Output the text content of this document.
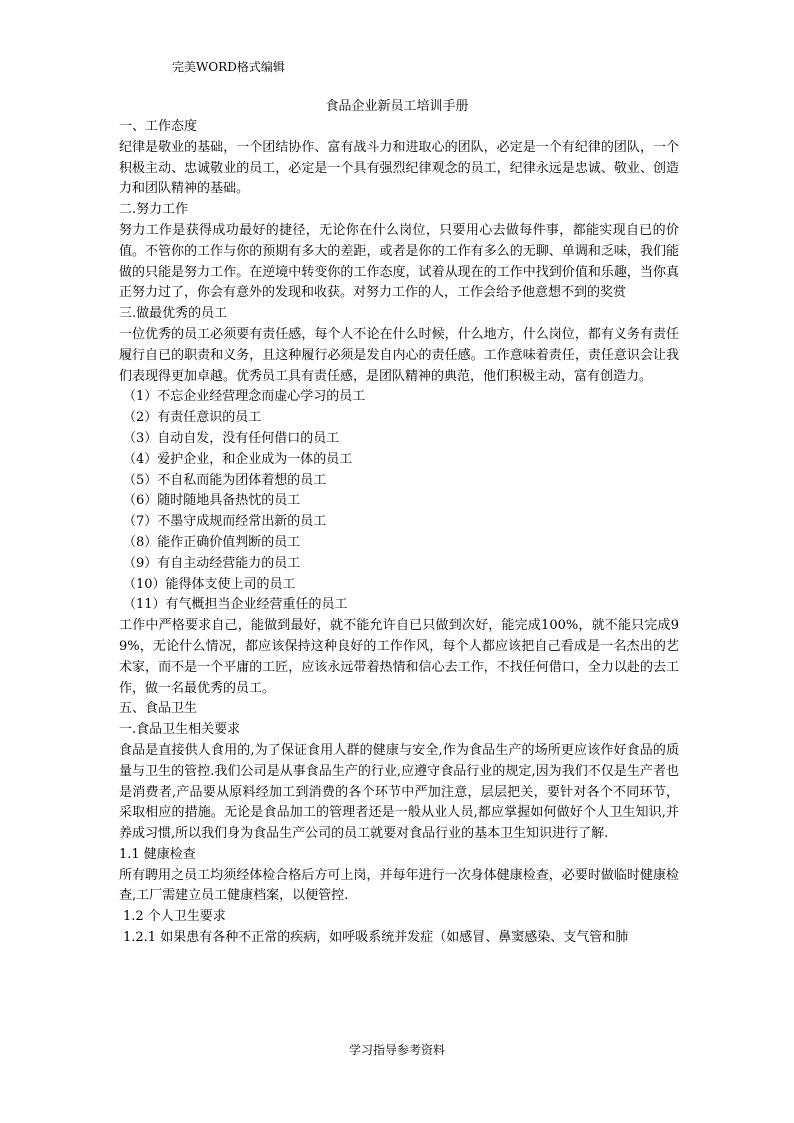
完美WORD格式编辑
食品企业新员工培训手册
一、工作态度

纪律是敬业的基础，一个团结协作、富有战斗力和进取心的团队，必定是一个有纪律的团队，一个积极主动、忠诚敬业的员工，必定是一个具有强烈纪律观念的员工，纪律永远是忠诚、敬业、创造力和团队精神的基础。

二.努力工作

努力工作是获得成功最好的捷径，无论你在什么岗位，只要用心去做每件事，都能实现自已的价值。不管你的工作与你的预期有多大的差距，或者是你的工作有多么的无聊、单调和乏味，我们能做的只能是努力工作。在逆境中转变你的工作态度，试着从现在的工作中找到价值和乐趣，当你真正努力过了，你会有意外的发现和收获。对努力工作的人，工作会给予他意想不到的奖赏

三.做最优秀的员工

一位优秀的员工必须要有责任感，每个人不论在什么时候，什么地方，什么岗位，都有义务有责任履行自已的职责和义务，且这种履行必须是发自内心的责任感。工作意味着责任，责任意识会让我们表现得更加卓越。优秀员工具有责任感，是团队精神的典范，他们积极主动，富有创造力。

（1）不忘企业经营理念而虚心学习的员工
（2）有责任意识的员工
（3）自动自发，没有任何借口的员工
（4）爱护企业，和企业成为一体的员工
（5）不自私而能为团体着想的员工
（6）随时随地具备热忱的员工
（7）不墨守成规而经常出新的员工
（8）能作正确价值判断的员工
（9）有自主动经营能力的员工
（10）能得体支使上司的员工
（11）有气概担当企业经营重任的员工

工作中严格要求自己，能做到最好，就不能允许自已只做到次好，能完成100%，就不能只完成99%，无论什么情况，都应该保持这种良好的工作作风，每个人都应该把自己看成是一名杰出的艺术家，而不是一个平庸的工匠，应该永远带着热情和信心去工作，不找任何借口，全力以赴的去工作，做一名最优秀的员工。

五、食品卫生
一.食品卫生相关要求

食品是直接供人食用的,为了保证食用人群的健康与安全,作为食品生产的场所更应该作好食品的质量与卫生的管控.我们公司是从事食品生产的行业,应遵守食品行业的规定,因为我们不仅是生产者也是消费者,产品要从原料经加工到消费的各个环节中严加注意，层层把关，要针对各个不同环节，采取相应的措施。无论是食品加工的管理者还是一般从业人员,都应掌握如何做好个人卫生知识,并养成习惯,所以我们身为食品生产公司的员工就要对食品行业的基本卫生知识进行了解.

1.1 健康检查

所有聘用之员工均须经体检合格后方可上岗，并每年进行一次身体健康检查，必要时做临时健康检查,工厂需建立员工健康档案，以便管控.

1.2 个人卫生要求

1.2.1 如果患有各种不正常的疾病，如呼吸系统并发症（如感冒、鼻窦感染、支气管和肺

学习指导参考资料
